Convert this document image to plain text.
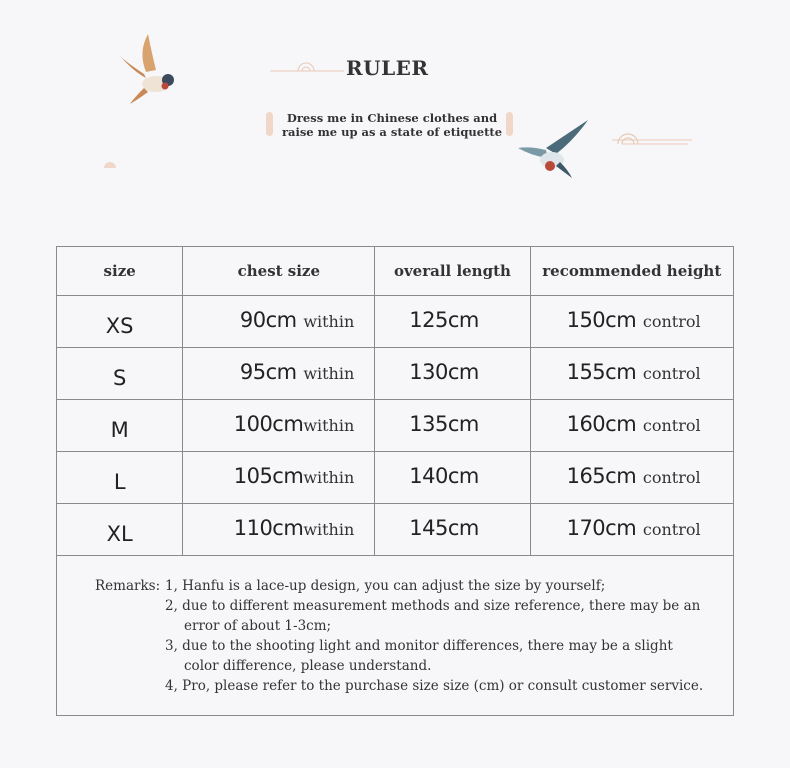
RULER
Dress me in Chinese clothes and
raise me up as a state of etiquette
size	chest size	overall length	recommended height
XS	90cm within	125cm	150cm control

S	95cm within	130cm	155cm control

M	100cmwithin	135cm	160cm control

L	105cmwithin	140cm	165cm control

XL	110cmwithin	145cm	170cm control
Remarks: 1, Hanfu is a lace-up design, you can adjust the size by yourself;
2, due to different measurement methods and size reference, there may be an
error of about 1-3cm;
3, due to the shooting light and monitor differences, there may be a slight
color difference, please understand.
4, Pro, please refer to the purchase size size (cm) or consult customer service.
